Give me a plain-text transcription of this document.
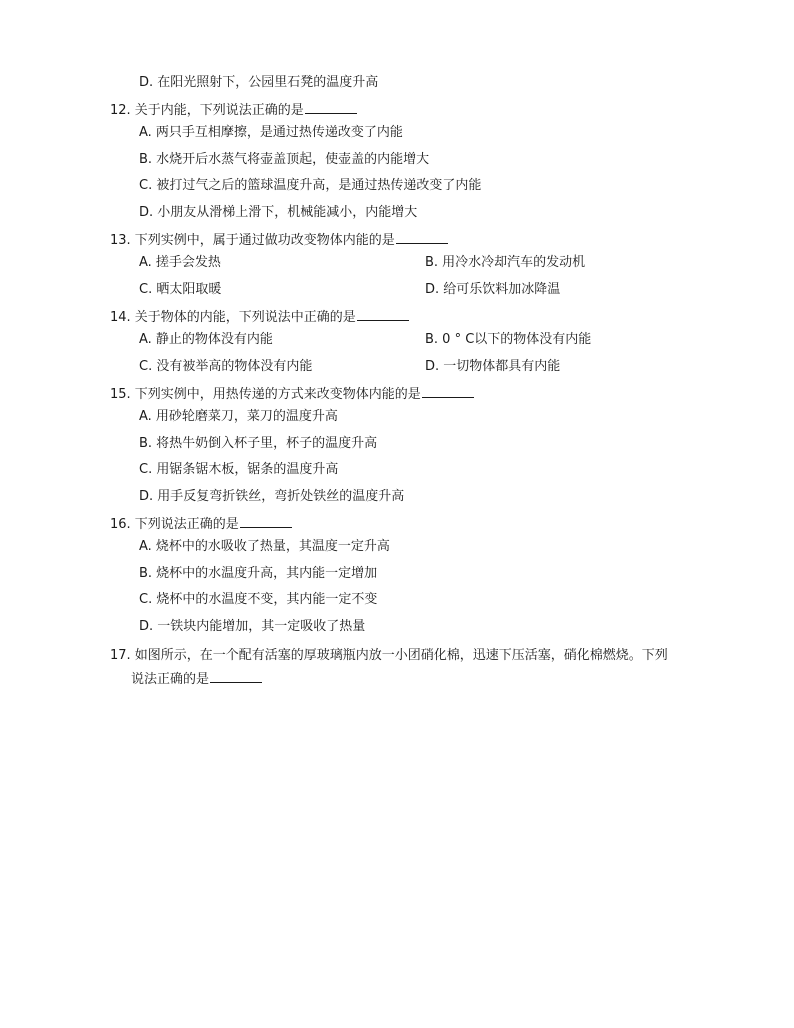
D. 在阳光照射下，公园里石凳的温度升高
12. 关于内能，下列说法正确的是
A. 两只手互相摩擦，是通过热传递改变了内能
B. 水烧开后水蒸气将壶盖顶起，使壶盖的内能增大
C. 被打过气之后的篮球温度升高，是通过热传递改变了内能
D. 小朋友从滑梯上滑下，机械能减小，内能增大
13. 下列实例中，属于通过做功改变物体内能的是
A. 搓手会发热	B. 用冷水冷却汽车的发动机
C. 晒太阳取暖	D. 给可乐饮料加冰降温
14. 关于物体的内能，下列说法中正确的是
A. 静止的物体没有内能	B. 0 ° C以下的物体没有内能
C. 没有被举高的物体没有内能	D. 一切物体都具有内能
15. 下列实例中，用热传递的方式来改变物体内能的是
A. 用砂轮磨菜刀，菜刀的温度升高
B. 将热牛奶倒入杯子里，杯子的温度升高
C. 用锯条锯木板，锯条的温度升高
D. 用手反复弯折铁丝，弯折处铁丝的温度升高
16. 下列说法正确的是
A. 烧杯中的水吸收了热量，其温度一定升高
B. 烧杯中的水温度升高，其内能一定增加
C. 烧杯中的水温度不变，其内能一定不变
D. 一铁块内能增加，其一定吸收了热量
17. 如图所示，在一个配有活塞的厚玻璃瓶内放一小团硝化棉，迅速下压活塞，硝化棉燃烧。下列
说法正确的是
